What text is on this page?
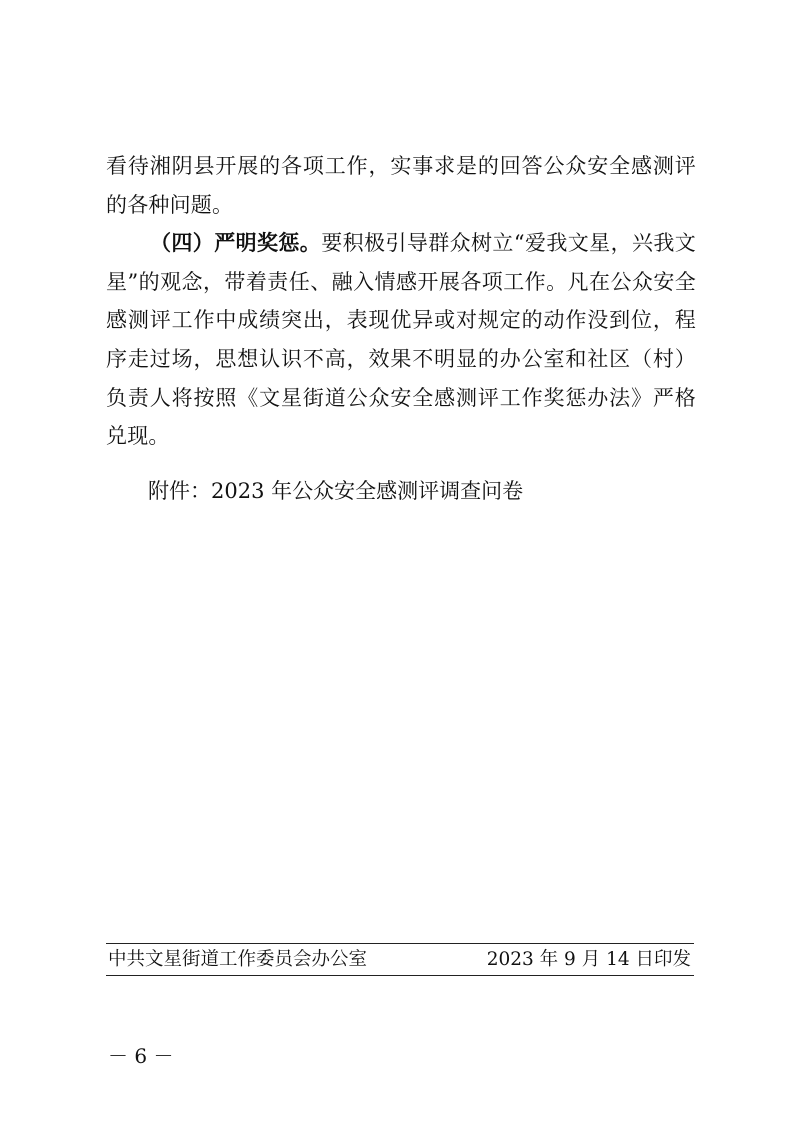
看待湘阴县开展的各项工作，实事求是的回答公众安全感测评的各种问题。

（四）严明奖惩。要积极引导群众树立“爱我文星，兴我文星”的观念，带着责任、融入情感开展各项工作。凡在公众安全感测评工作中成绩突出，表现优异或对规定的动作没到位，程序走过场，思想认识不高，效果不明显的办公室和社区（村）负责人将按照《文星街道公众安全感测评工作奖惩办法》严格兑现。

附件：2023 年公众安全感测评调查问卷
中共文星街道工作委员会办公室	2023 年 9 月 14 日印发
－ 6 －
